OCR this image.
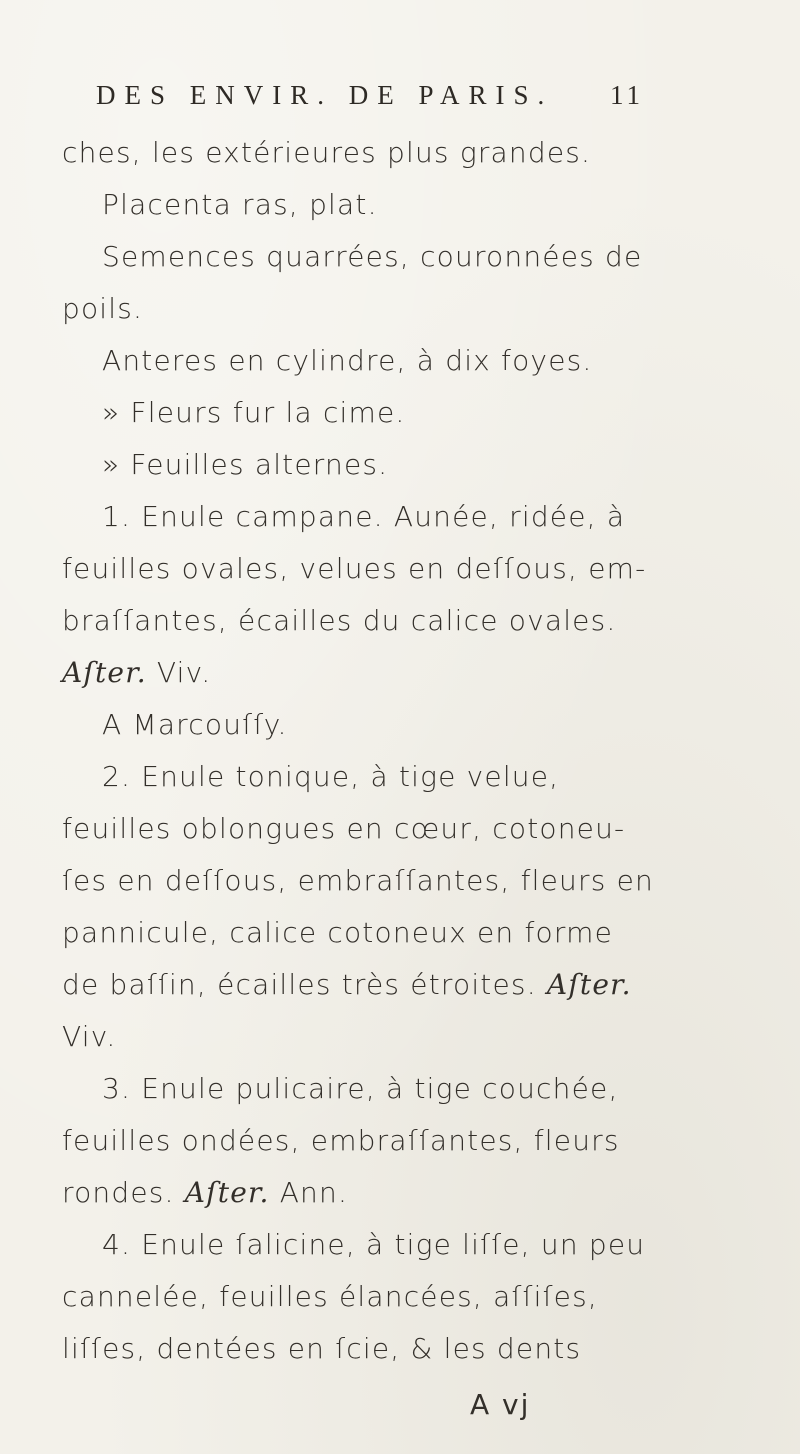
DES ENVIR. DE PARIS.	11
ches, les extérieures plus grandes.
Placenta ras, plat.
Semences quarrées, couronnées de
poils.
Anteres en cylindre, à dix foyes.
» Fleurs fur la cime.
» Feuilles alternes.
1. Enule campane. Aunée, ridée, à
feuilles ovales, velues en deſſous, em-
braſſantes, écailles du calice ovales.
Aſter. Viv.
A Marcouſſy.
2. Enule tonique, à tige velue,
feuilles oblongues en cœur, cotoneu-
ſes en deſſous, embraſſantes, fleurs en
pannicule, calice cotoneux en forme
de baſſin, écailles très étroites. Aſter.
Viv.
3. Enule pulicaire, à tige couchée,
feuilles ondées, embraſſantes, fleurs
rondes. Aſter. Ann.
4. Enule ſalicine, à tige liſſe, un peu
cannelée, feuilles élancées, aſſiſes,
liſſes, dentées en ſcie, & les dents
A vj
